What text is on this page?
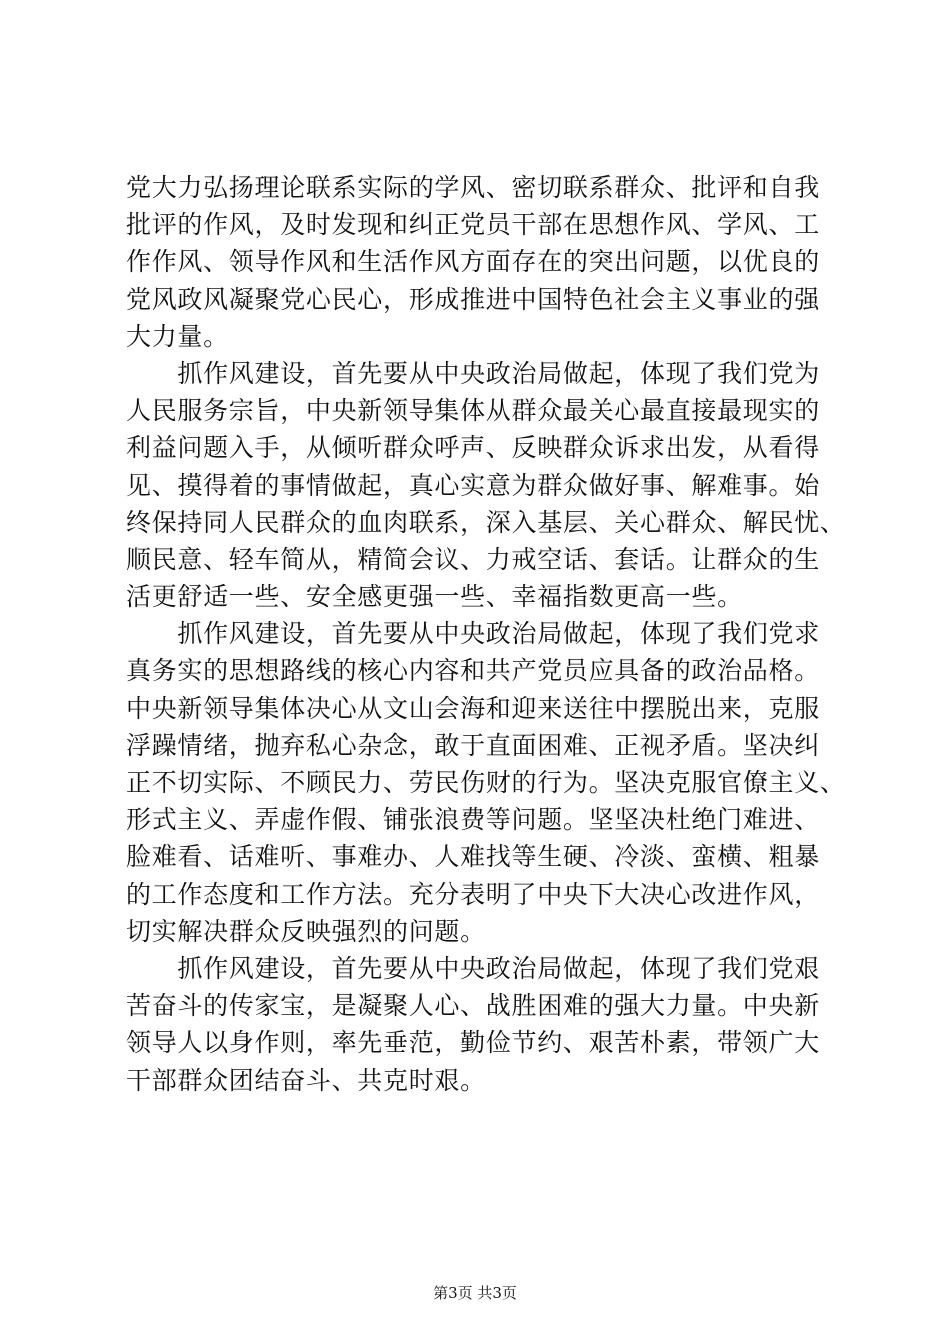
党大力弘扬理论联系实际的学风、密切联系群众、批评和自我
批评的作风，及时发现和纠正党员干部在思想作风、学风、工
作作风、领导作风和生活作风方面存在的突出问题，以优良的
党风政风凝聚党心民心，形成推进中国特色社会主义事业的强
大力量。
　　抓作风建设，首先要从中央政治局做起，体现了我们党为
人民服务宗旨，中央新领导集体从群众最关心最直接最现实的
利益问题入手，从倾听群众呼声、反映群众诉求出发，从看得
见、摸得着的事情做起，真心实意为群众做好事、解难事。始
终保持同人民群众的血肉联系，深入基层、关心群众、解民忧、
顺民意、轻车简从，精简会议、力戒空话、套话。让群众的生
活更舒适一些、安全感更强一些、幸福指数更高一些。
　　抓作风建设，首先要从中央政治局做起，体现了我们党求
真务实的思想路线的核心内容和共产党员应具备的政治品格。
中央新领导集体决心从文山会海和迎来送往中摆脱出来，克服
浮躁情绪，抛弃私心杂念，敢于直面困难、正视矛盾。坚决纠
正不切实际、不顾民力、劳民伤财的行为。坚决克服官僚主义、
形式主义、弄虚作假、铺张浪费等问题。坚坚决杜绝门难进、
脸难看、话难听、事难办、人难找等生硬、冷淡、蛮横、粗暴
的工作态度和工作方法。充分表明了中央下大决心改进作风，
切实解决群众反映强烈的问题。
　　抓作风建设，首先要从中央政治局做起，体现了我们党艰
苦奋斗的传家宝，是凝聚人心、战胜困难的强大力量。中央新
领导人以身作则，率先垂范，勤俭节约、艰苦朴素，带领广大
干部群众团结奋斗、共克时艰。
第3页 共3页
